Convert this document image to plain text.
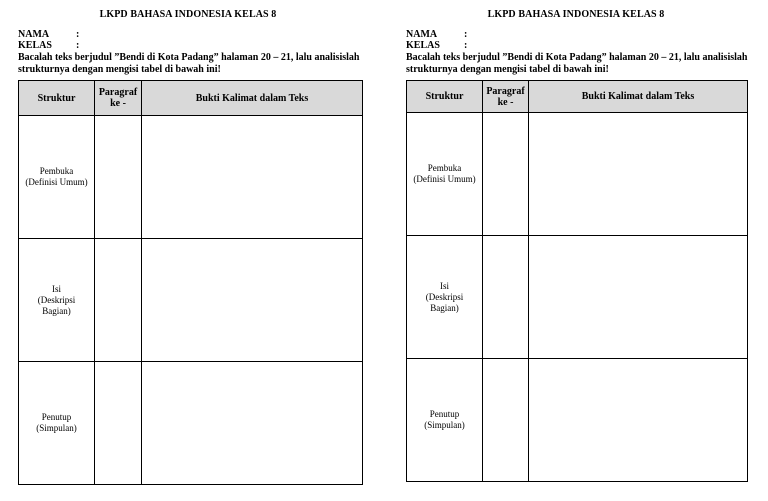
LKPD BAHASA INDONESIA KELAS 8
NAMA	:
KELAS :
Bacalah teks berjudul ”Bendi di Kota Padang” halaman 20 – 21, lalu analisislah strukturnya dengan mengisi tabel di bawah ini!
Struktur	Paragraf ke -	Bukti Kalimat dalam Teks

Pembuka
(Definisi Umum)		

Isi
(Deskripsi
Bagian)		

Penutup
(Simpulan)		

LKPD BAHASA INDONESIA KELAS 8
NAMA	:
KELAS :
Bacalah teks berjudul ”Bendi di Kota Padang” halaman 20 – 21, lalu analisislah strukturnya dengan mengisi tabel di bawah ini!
Struktur	Paragraf ke -	Bukti Kalimat dalam Teks

Pembuka
(Definisi Umum)		

Isi
(Deskripsi
Bagian)		

Penutup
(Simpulan)		
